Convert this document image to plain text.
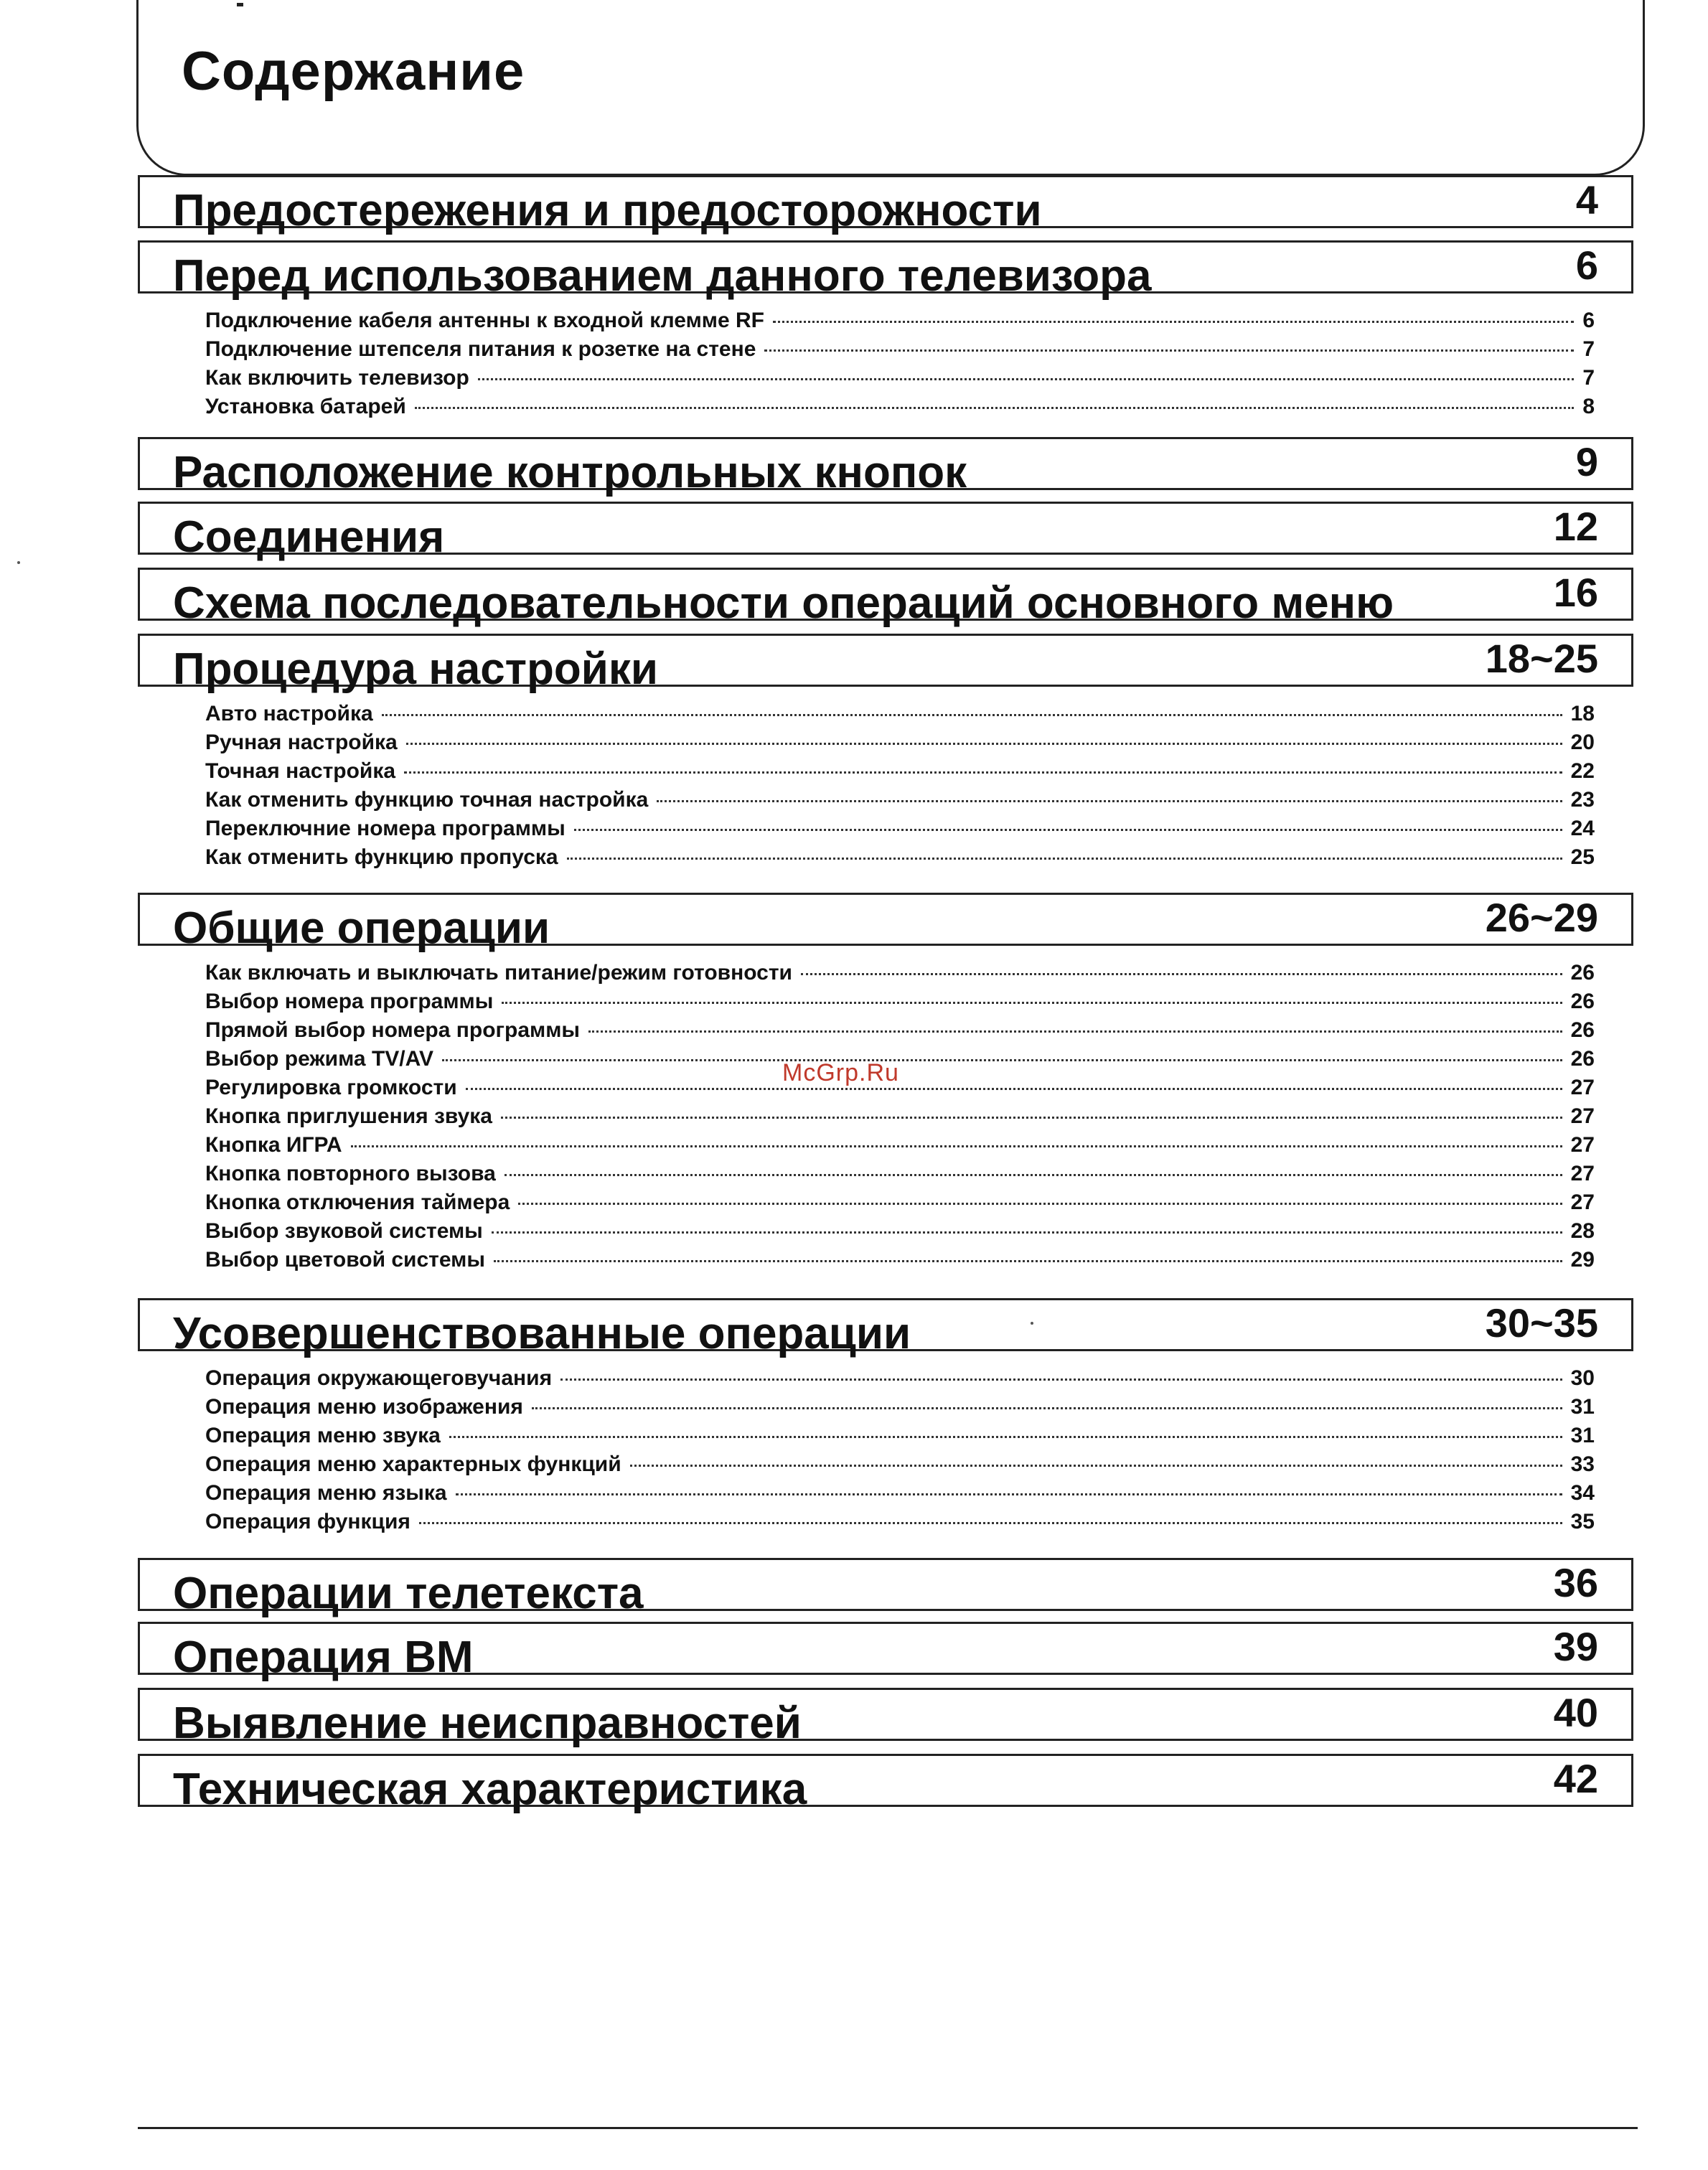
Содержание
Предостережения и предосторожности	4
Перед использованием данного телевизора	6
Подключение кабеля антенны к входной клемме RF	6
Подключение штепселя питания к розетке на стене	7
Как включить телевизор	7
Установка батарей	8
Расположение контрольных кнопок	9
Соединения	12
Схема последовательности операций основного меню	16
Процедура настройки	18~25
Авто настройка	18
Ручная настройка	20
Точная настройка	22
Как отменить функцию точная настройка	23
Переключние номера программы	24
Как отменить функцию пропуска	25
Общие операции	26~29
Как включать и выключать питание/режим готовности	26
Выбор номера программы	26
Прямой выбор номера программы	26
Выбор режима TV/AV	26
Регулировка громкости	27
Кнопка приглушения звука	27
Кнопка ИГРА	27
Кнопка повторного вызова	27
Кнопка отключения таймера	27
Выбор звуковой системы	28
Выбор цветовой системы	29
Усовершенствованные операции	30~35
Операция окружающеговучания	30
Операция меню изображения	31
Операция меню звука	31
Операция меню характерных функций	33
Операция меню языка	34
Операция функция	35
Операции телетекста	36
Операция ВМ	39
Выявление неисправностей	40
Техническая характеристика	42
McGrp.Ru
